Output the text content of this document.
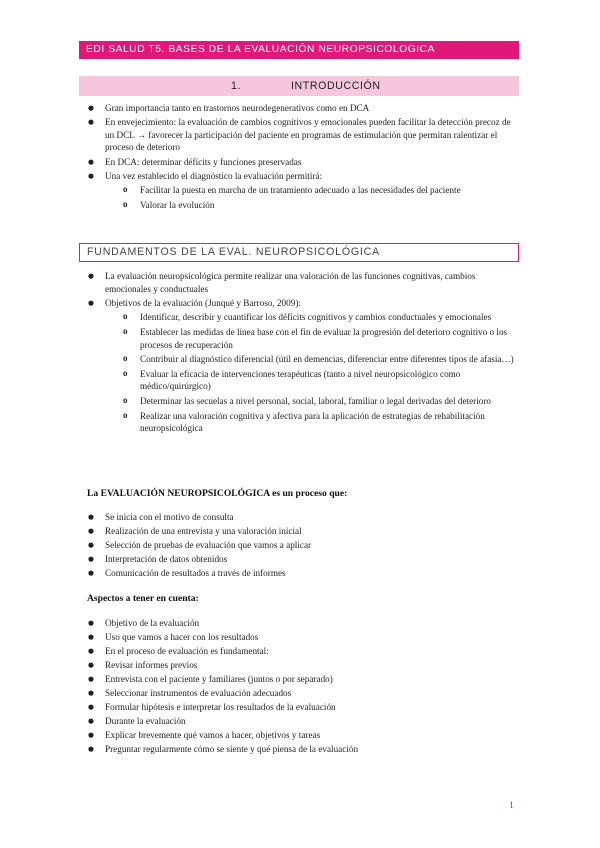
EDI SALUD T5. BASES DE LA EVALUACIÓN NEUROPSICOLOGICA
1.	INTRODUCCIÓN
● Gran importancia tanto en trastornos neurodegenerativos como en DCA
● En envejecimiento: la evaluación de cambios cognitivos y emocionales pueden facilitar la detección precoz de un DCL → favorecer la participación del paciente en programas de estimulación que permitan ralentizar el proceso de deterioro
● En DCA: determinar déficits y funciones preservadas
● Una vez establecido el diagnóstico la evaluación permitirá:
o Facilitar la puesta en marcha de un tratamiento adecuado a las necesidades del paciente
o Valorar la evolución
FUNDAMENTOS DE LA EVAL. NEUROPSICOLÓGICA
● La evaluación neuropsicológica permite realizar una valoración de las funciones cognitivas, cambios emocionales y conductuales
● Objetivos de la evaluación (Junqué y Barroso, 2009):
o Identificar, describir y cuantificar los déficits cognitivos y cambios conductuales y emocionales
o Establecer las medidas de línea base con el fin de evaluar la progresión del deterioro cognitivo o los procesos de recuperación
o Contribuir al diagnóstico diferencial (útil en demencias, diferenciar entre diferentes tipos de afasia…)
o Evaluar la eficacia de intervenciones terapéuticas (tanto a nivel neuropsicológico como médico/quirúrgico)
o Determinar las secuelas a nivel personal, social, laboral, familiar o legal derivadas del deterioro
o Realizar una valoración cognitiva y afectiva para la aplicación de estrategias de rehabilitación neuropsicológica
La EVALUACIÓN NEUROPSICOLÓGICA es un proceso que:
● Se inicia con el motivo de consulta
● Realización de una entrevista y una valoración inicial
● Selección de pruebas de evaluación que vamos a aplicar
● Interpretación de datos obtenidos
● Comunicación de resultados a través de informes
Aspectos a tener en cuenta:
● Objetivo de la evaluación
● Uso que vamos a hacer con los resultados
● En el proceso de evaluación es fundamental:
● Revisar informes previos
● Entrevista con el paciente y familiares (juntos o por separado)
● Seleccionar instrumentos de evaluación adecuados
● Formular hipótesis e interpretar los resultados de la evaluación
● Durante la evaluación
● Explicar brevemente qué vamos a hacer, objetivos y tareas
● Preguntar regularmente cómo se siente y qué piensa de la evaluación
1
